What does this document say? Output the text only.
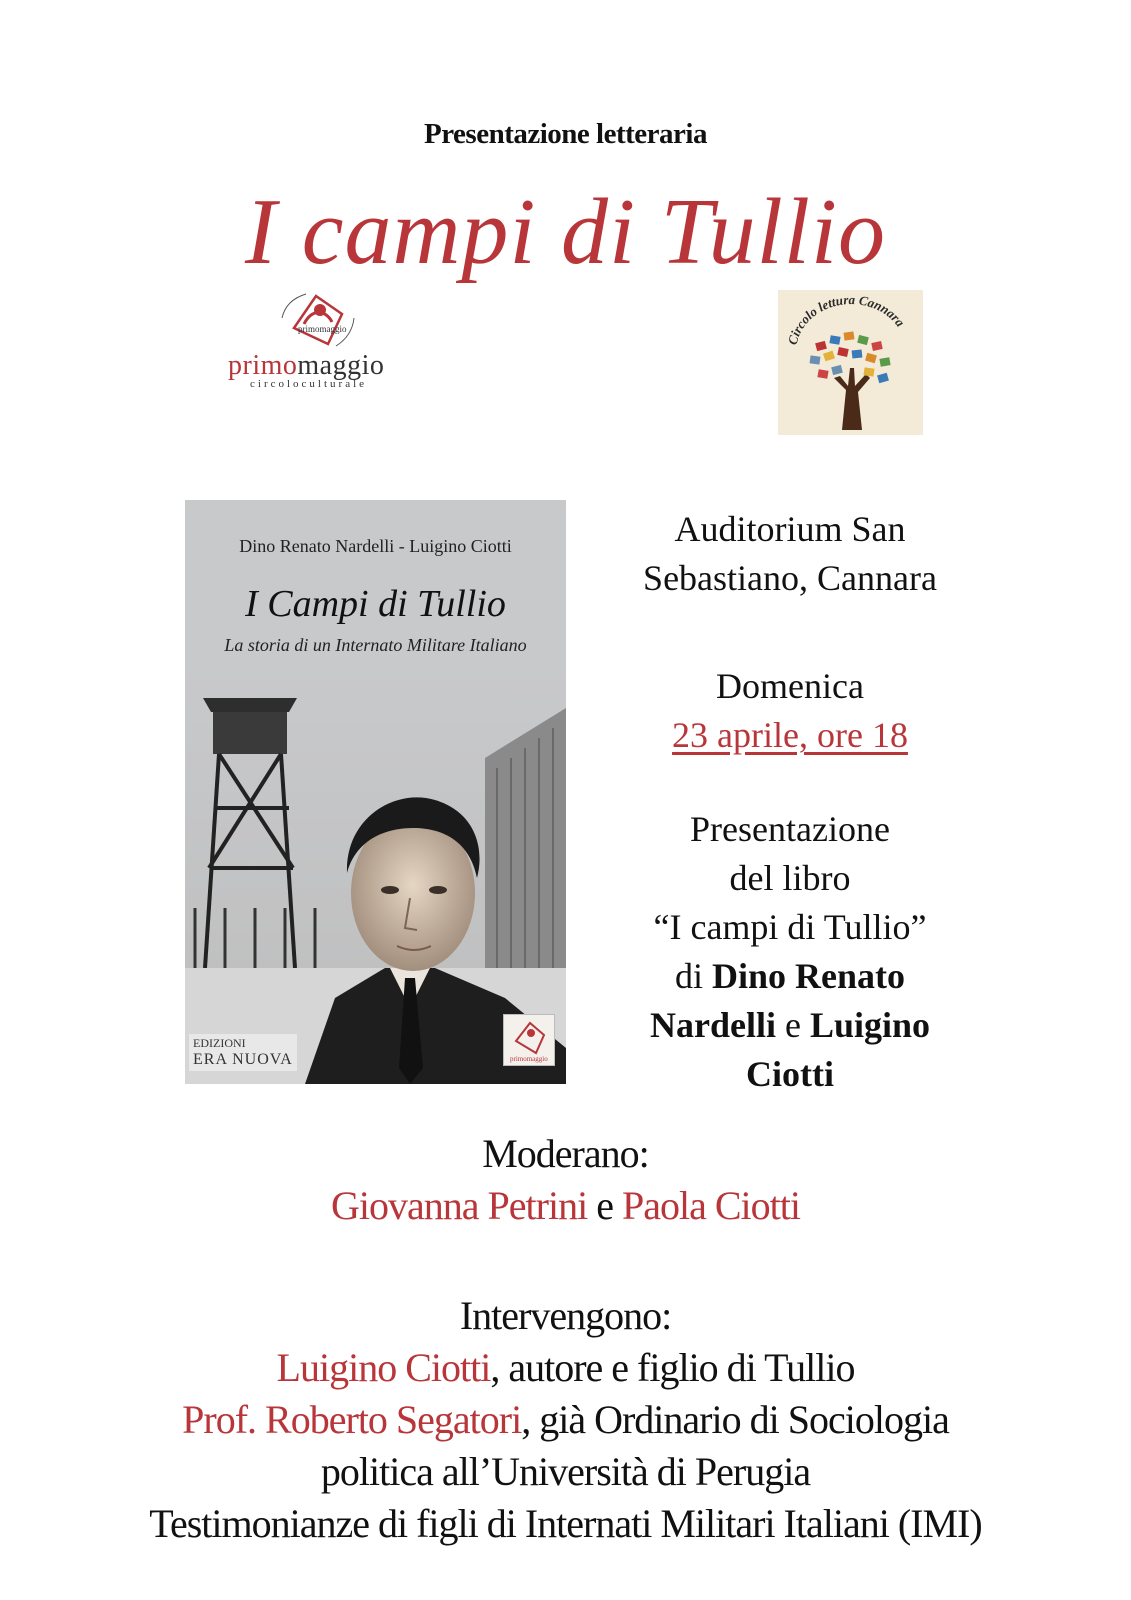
Presentazione letteraria
I campi di Tullio
primomaggio
primomaggio
circoloculturale
Circolo lettura Cannara
Dino Renato Nardelli - Luigino Ciotti
I Campi di Tullio
La storia di un Internato Militare Italiano
EDIZIONI
ERA NUOVA	primomaggio
Auditorium San
Sebastiano, Cannara
Domenica
23 aprile, ore 18
Presentazione
del libro
“I campi di Tullio”
di Dino Renato
Nardelli e Luigino
Ciotti
Moderano:
Giovanna Petrini e Paola Ciotti
Intervengono:
Luigino Ciotti, autore e figlio di Tullio
Prof. Roberto Segatori, già Ordinario di Sociologia
politica all’Università di Perugia
Testimonianze di figli di Internati Militari Italiani (IMI)
